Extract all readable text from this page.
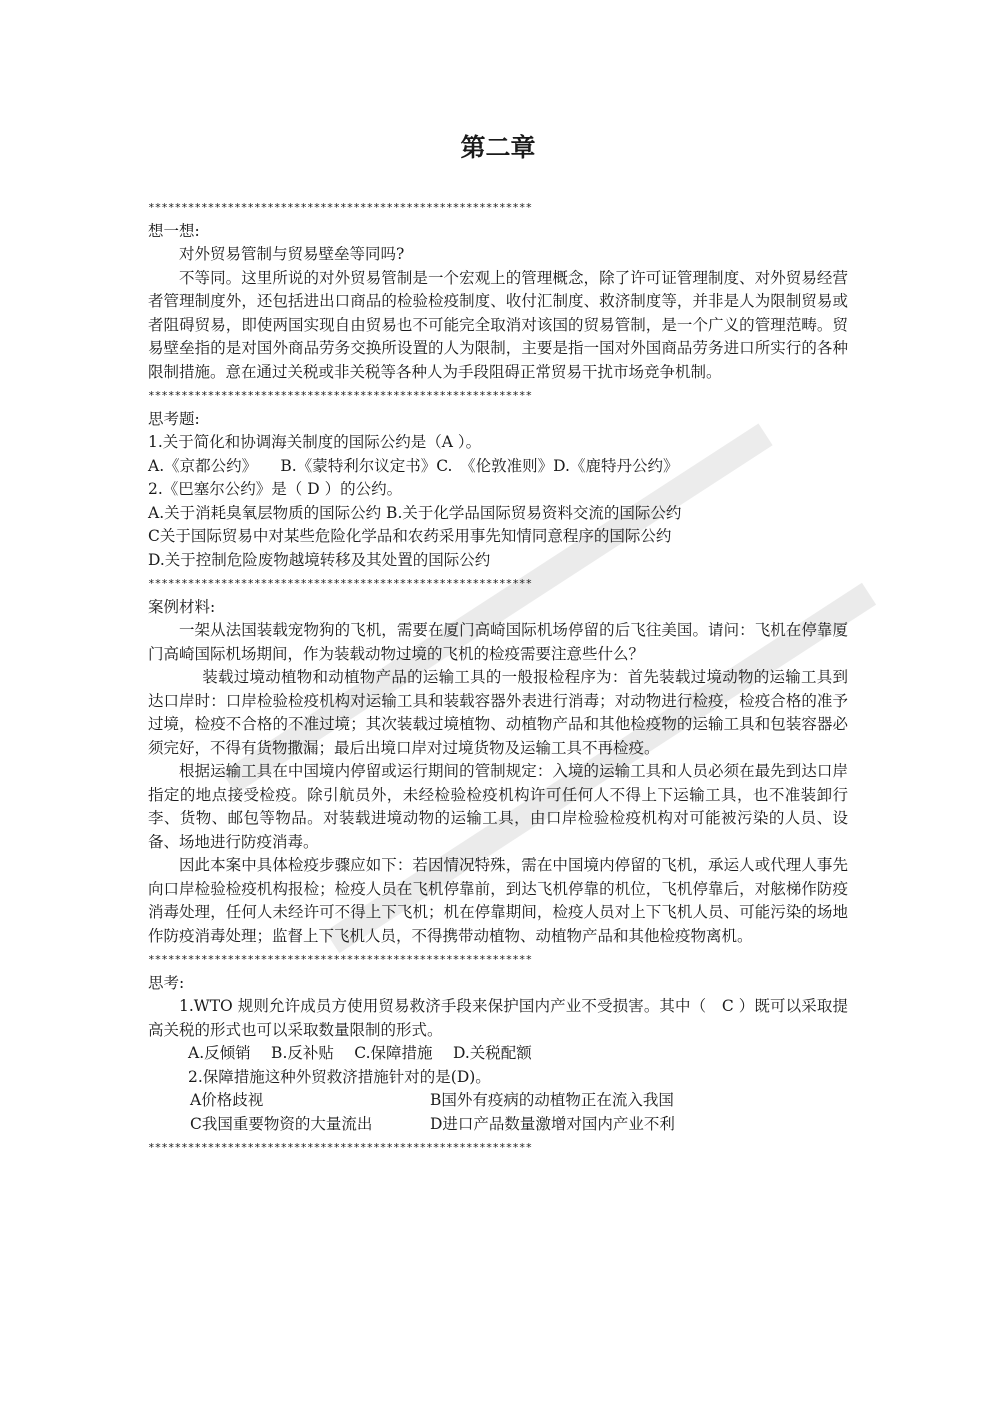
第二章
**********************************************************

想一想:

对外贸易管制与贸易壁垒等同吗?

不等同。这里所说的对外贸易管制是一个宏观上的管理概念，除了许可证管理制度、对外贸易经营者管理制度外，还包括进出口商品的检验检疫制度、收付汇制度、救济制度等，并非是人为限制贸易或者阻碍贸易，即使两国实现自由贸易也不可能完全取消对该国的贸易管制，是一个广义的管理范畴。贸易壁垒指的是对国外商品劳务交换所设置的人为限制，主要是指一国对外国商品劳务进口所实行的各种限制措施。意在通过关税或非关税等各种人为手段阻碍正常贸易干扰市场竞争机制。

**********************************************************

思考题:

1.关于简化和协调海关制度的国际公约是（A ）。

A.《京都公约》　　B.《蒙特利尔议定书》C.　《伦敦准则》D.《鹿特丹公约》

2.《巴塞尔公约》是（ D ）的公约。

A.关于消耗臭氧层物质的国际公约 B.关于化学品国际贸易资料交流的国际公约

C关于国际贸易中对某些危险化学品和农药采用事先知情同意程序的国际公约

D.关于控制危险废物越境转移及其处置的国际公约

**********************************************************

案例材料:

一架从法国装载宠物狗的飞机，需要在厦门高崎国际机场停留的后飞往美国。请问：飞机在停靠厦门高崎国际机场期间，作为装载动物过境的飞机的检疫需要注意些什么？

装载过境动植物和动植物产品的运输工具的一般报检程序为：首先装载过境动物的运输工具到达口岸时：口岸检验检疫机构对运输工具和装载容器外表进行消毒；对动物进行检疫，检疫合格的准予过境，检疫不合格的不准过境；其次装载过境植物、动植物产品和其他检疫物的运输工具和包装容器必须完好，不得有货物撒漏；最后出境口岸对过境货物及运输工具不再检疫。

根据运输工具在中国境内停留或运行期间的管制规定：入境的运输工具和人员必须在最先到达口岸指定的地点接受检疫。除引航员外，未经检验检疫机构许可任何人不得上下运输工具，也不准装卸行李、货物、邮包等物品。对装载进境动物的运输工具，由口岸检验检疫机构对可能被污染的人员、设备、场地进行防疫消毒。

因此本案中具体检疫步骤应如下：若因情况特殊，需在中国境内停留的飞机，承运人或代理人事先向口岸检验检疫机构报检；检疫人员在飞机停靠前，到达飞机停靠的机位，飞机停靠后，对舷梯作防疫消毒处理，任何人未经许可不得上下飞机；机在停靠期间，检疫人员对上下飞机人员、可能污染的场地作防疫消毒处理；监督上下飞机人员，不得携带动植物、动植物产品和其他检疫物离机。

**********************************************************

思考:

1.WTO 规则允许成员方使用贸易救济手段来保护国内产业不受损害。其中（　C ）既可以采取提高关税的形式也可以采取数量限制的形式。

A.反倾销　 B.反补贴　 C.保障措施　 D.关税配额

2.保障措施这种外贸救济措施针对的是(D)。

A价格歧视	B国外有疫病的动植物正在流入我国
C我国重要物资的大量流出	D进口产品数量激增对国内产业不利
**********************************************************
